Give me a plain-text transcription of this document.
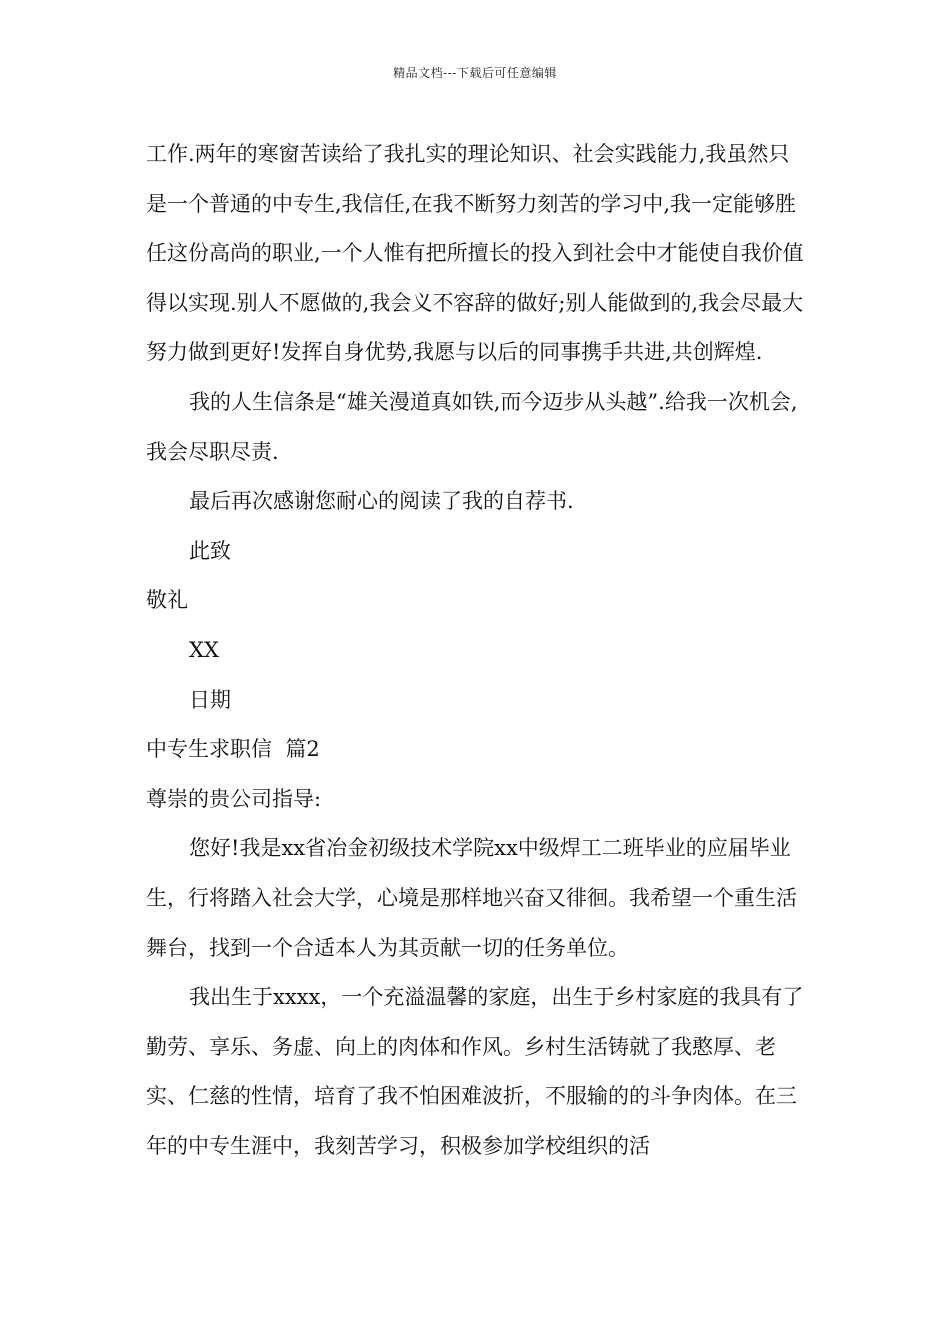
精品文档---下载后可任意编辑

工作.两年的寒窗苦读给了我扎实的理论知识、社会实践能力,我虽然只是一个普通的中专生,我信任,在我不断努力刻苦的学习中,我一定能够胜任这份高尚的职业,一个人惟有把所擅长的投入到社会中才能使自我价值得以实现.别人不愿做的,我会义不容辞的做好;别人能做到的,我会尽最大努力做到更好!发挥自身优势,我愿与以后的同事携手共进,共创辉煌.

我的人生信条是“雄关漫道真如铁,而今迈步从头越”.给我一次机会,我会尽职尽责.

最后再次感谢您耐心的阅读了我的自荐书.

此致

敬礼

XX

日期

中专生求职信  篇2

尊崇的贵公司指导:

您好!我是xx省冶金初级技术学院xx中级焊工二班毕业的应届毕业生，行将踏入社会大学，心境是那样地兴奋又徘徊。我希望一个重生活舞台，找到一个合适本人为其贡献一切的任务单位。

我出生于xxxx，一个充溢温馨的家庭，出生于乡村家庭的我具有了勤劳、享乐、务虚、向上的肉体和作风。乡村生活铸就了我憨厚、老实、仁慈的性情，培育了我不怕困难波折，不服输的的斗争肉体。在三年的中专生涯中，我刻苦学习，积极参加学校组织的活
